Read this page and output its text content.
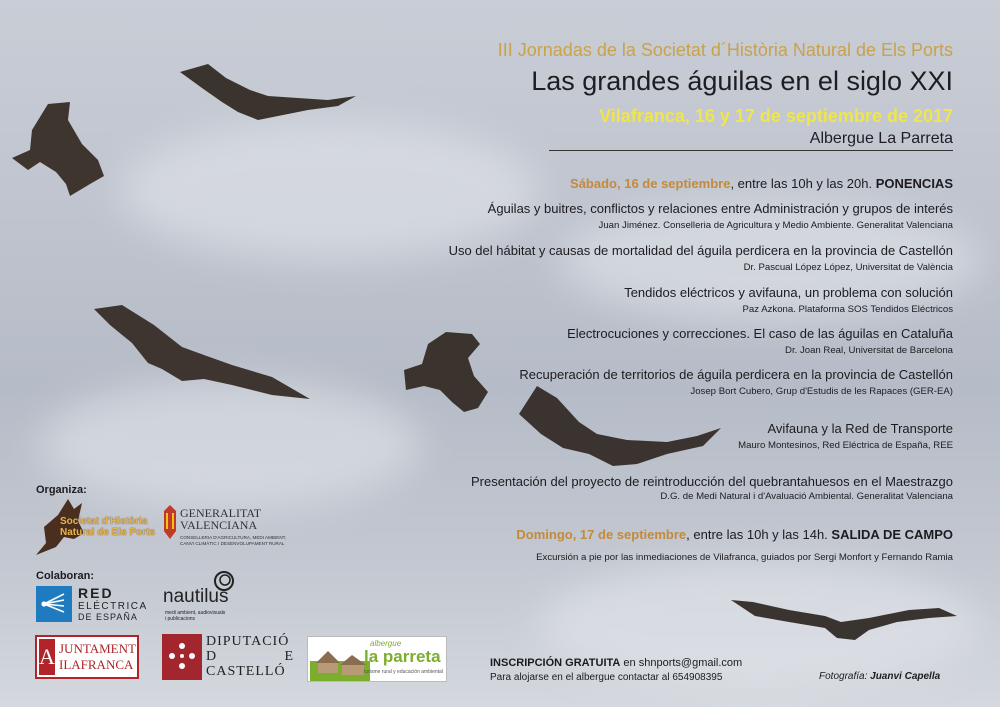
III Jornadas de la Societat d´Història Natural de Els Ports
Las grandes águilas en el siglo XXI
Vilafranca, 16 y 17 de septiembre de 2017
Albergue La Parreta
Sábado, 16 de septiembre, entre las 10h y las 20h. PONENCIAS
Águilas y buitres, conflictos y relaciones entre Administración y grupos de interés
Juan Jiménez. Conselleria de Agricultura y Medio Ambiente. Generalitat Valenciana
Uso del hábitat y causas de mortalidad del águila perdicera en la provincia de Castellón
Dr. Pascual López López, Universitat de València
Tendidos eléctricos y avifauna, un problema con solución
Paz Azkona. Plataforma SOS Tendidos Eléctricos
Electrocuciones y correcciones. El caso de las águilas en Cataluña
Dr. Joan Real, Universitat de Barcelona
Recuperación de territorios de águila perdicera en la provincia de Castellón
Josep Bort Cubero, Grup d'Estudis de les Rapaces (GER-EA)
Avifauna y la Red de Transporte
Mauro Montesinos, Red Eléctrica de España, REE
Presentación del proyecto de reintroducción del quebrantahuesos en el Maestrazgo
D.G. de Medi Natural i d'Avaluació Ambiental. Generalitat Valenciana
Domingo, 17 de septiembre, entre las 10h y las 14h. SALIDA DE CAMPO
Excursión a pie por las inmediaciones de Vilafranca, guiados por Sergi Monfort y Fernando Ramia
Organiza:
Societat d'Història
Natural de Els Ports
GENERALITAT
VALENCIANA
CONSELLERIA D'AGRICULTURA, MEDI AMBIENT,
CANVI CLIMÀTIC I DESENVOLUPAMENT RURAL
Colaboran:
RED
ELÉCTRICA
DE ESPAÑA
nautilus
medi ambient, audiovisuals
i publicacions
A JUNTAMENT
ILAFRANCA
DIPUTACIÓ
D	E
CASTELLÓ
albergue
la parreta
turisme rural y educación ambiental
INSCRIPCIÓN GRATUITA en shnports@gmail.com
Para alojarse en el albergue contactar al 654908395	Fotografía: Juanvi Capella
